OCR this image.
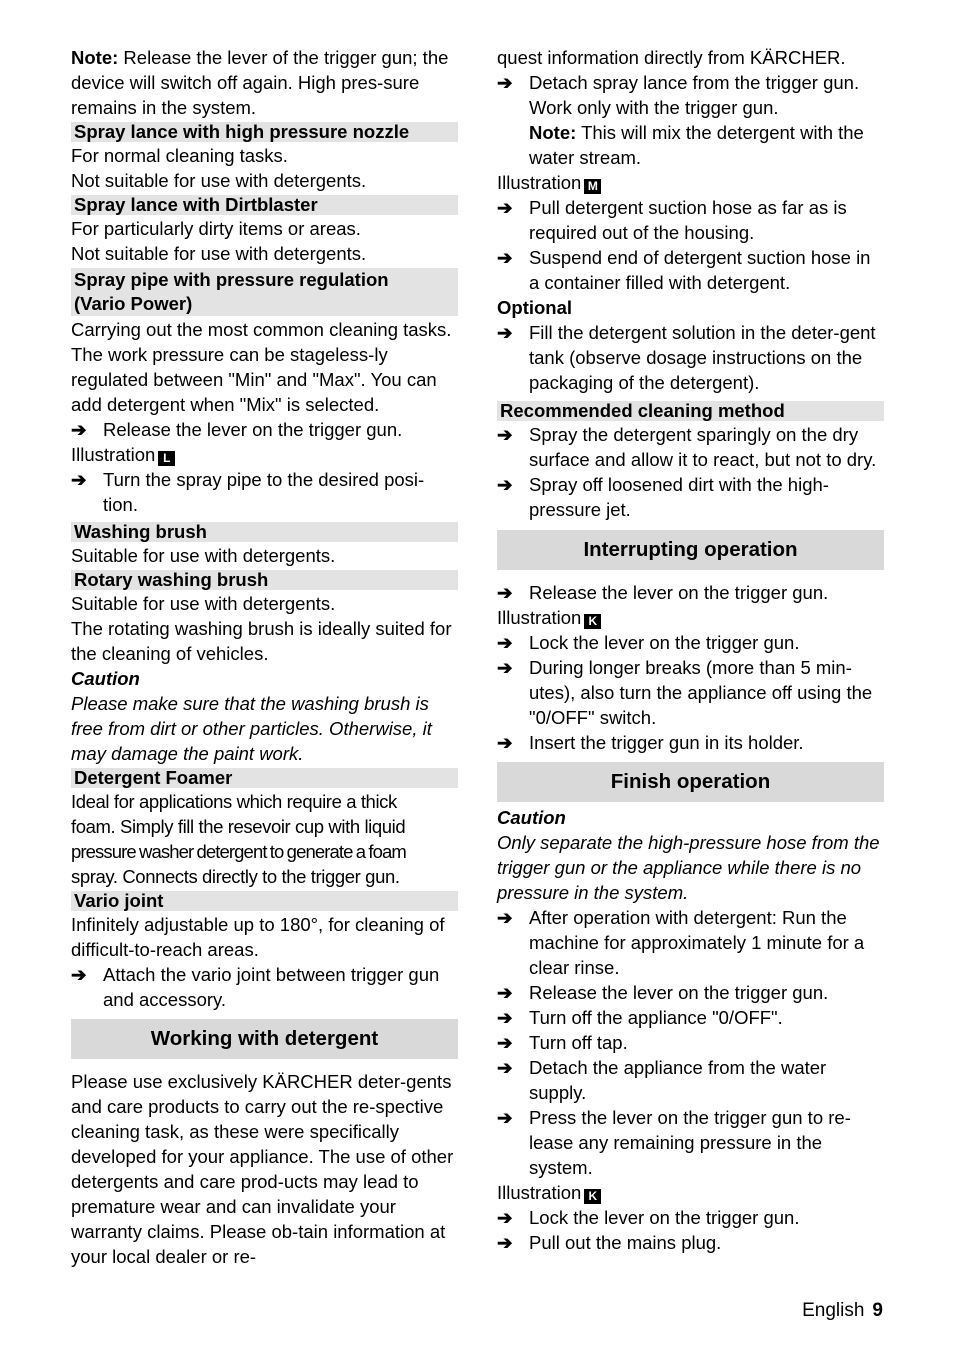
Note: Release the lever of the trigger gun; the device will switch off again. High pres-sure remains in the system.

Spray lance with high pressure nozzle

For normal cleaning tasks.

Not suitable for use with detergents.

Spray lance with Dirtblaster

For particularly dirty items or areas.

Not suitable for use with detergents.

Spray pipe with pressure regulation
(Vario Power)

Carrying out the most common cleaning tasks. The work pressure can be stageless-ly regulated between "Min" and "Max". You can add detergent when "Mix" is selected.

➔ Release the lever on the trigger gun.

Illustration L

➔ Turn the spray pipe to the desired posi-tion.
Washing brush

Suitable for use with detergents.

Rotary washing brush

Suitable for use with detergents.

The rotating washing brush is ideally suited for the cleaning of vehicles.

Caution

Please make sure that the washing brush is free from dirt or other particles. Otherwise, it may damage the paint work.

Detergent Foamer

Ideal for applications which require a thick

foam. Simply fill the resevoir cup with liquid

pressure washer detergent to generate a foam

spray. Connects directly to the trigger gun.

Vario joint

Infinitely adjustable up to 180°, for cleaning of difficult-to-reach areas.

➔ Attach the vario joint between trigger gun and accessory.
Working with detergent

Please use exclusively KÄRCHER deter-gents and care products to carry out the re-spective cleaning task, as these were specifically developed for your appliance. The use of other detergents and care prod-ucts may lead to premature wear and can invalidate your warranty claims. Please ob-tain information at your local dealer or re-

quest information directly from KÄRCHER.

➔ Detach spray lance from the trigger gun. Work only with the trigger gun.
Note: This will mix the detergent with the water stream.

Illustration M

➔ Pull detergent suction hose as far as is required out of the housing.
➔ Suspend end of detergent suction hose in a container filled with detergent.

Optional

➔ Fill the detergent solution in the deter-gent tank (observe dosage instructions on the packaging of the detergent).
Recommended cleaning method
➔ Spray the detergent sparingly on the dry surface and allow it to react, but not to dry.
➔ Spray off loosened dirt with the high-pressure jet.
Interrupting operation
➔ Release the lever on the trigger gun.

Illustration K

➔ Lock the lever on the trigger gun.
➔ During longer breaks (more than 5 min-utes), also turn the appliance off using the "0/OFF" switch.
➔ Insert the trigger gun in its holder.
Finish operation

Caution

Only separate the high-pressure hose from the trigger gun or the appliance while there is no pressure in the system.

➔ After operation with detergent: Run the machine for approximately 1 minute for a clear rinse.
➔ Release the lever on the trigger gun.
➔ Turn off the appliance "0/OFF".
➔ Turn off tap.
➔ Detach the appliance from the water supply.
➔ Press the lever on the trigger gun to re-lease any remaining pressure in the system.

Illustration K

➔ Lock the lever on the trigger gun.
➔ Pull out the mains plug.
English 9
